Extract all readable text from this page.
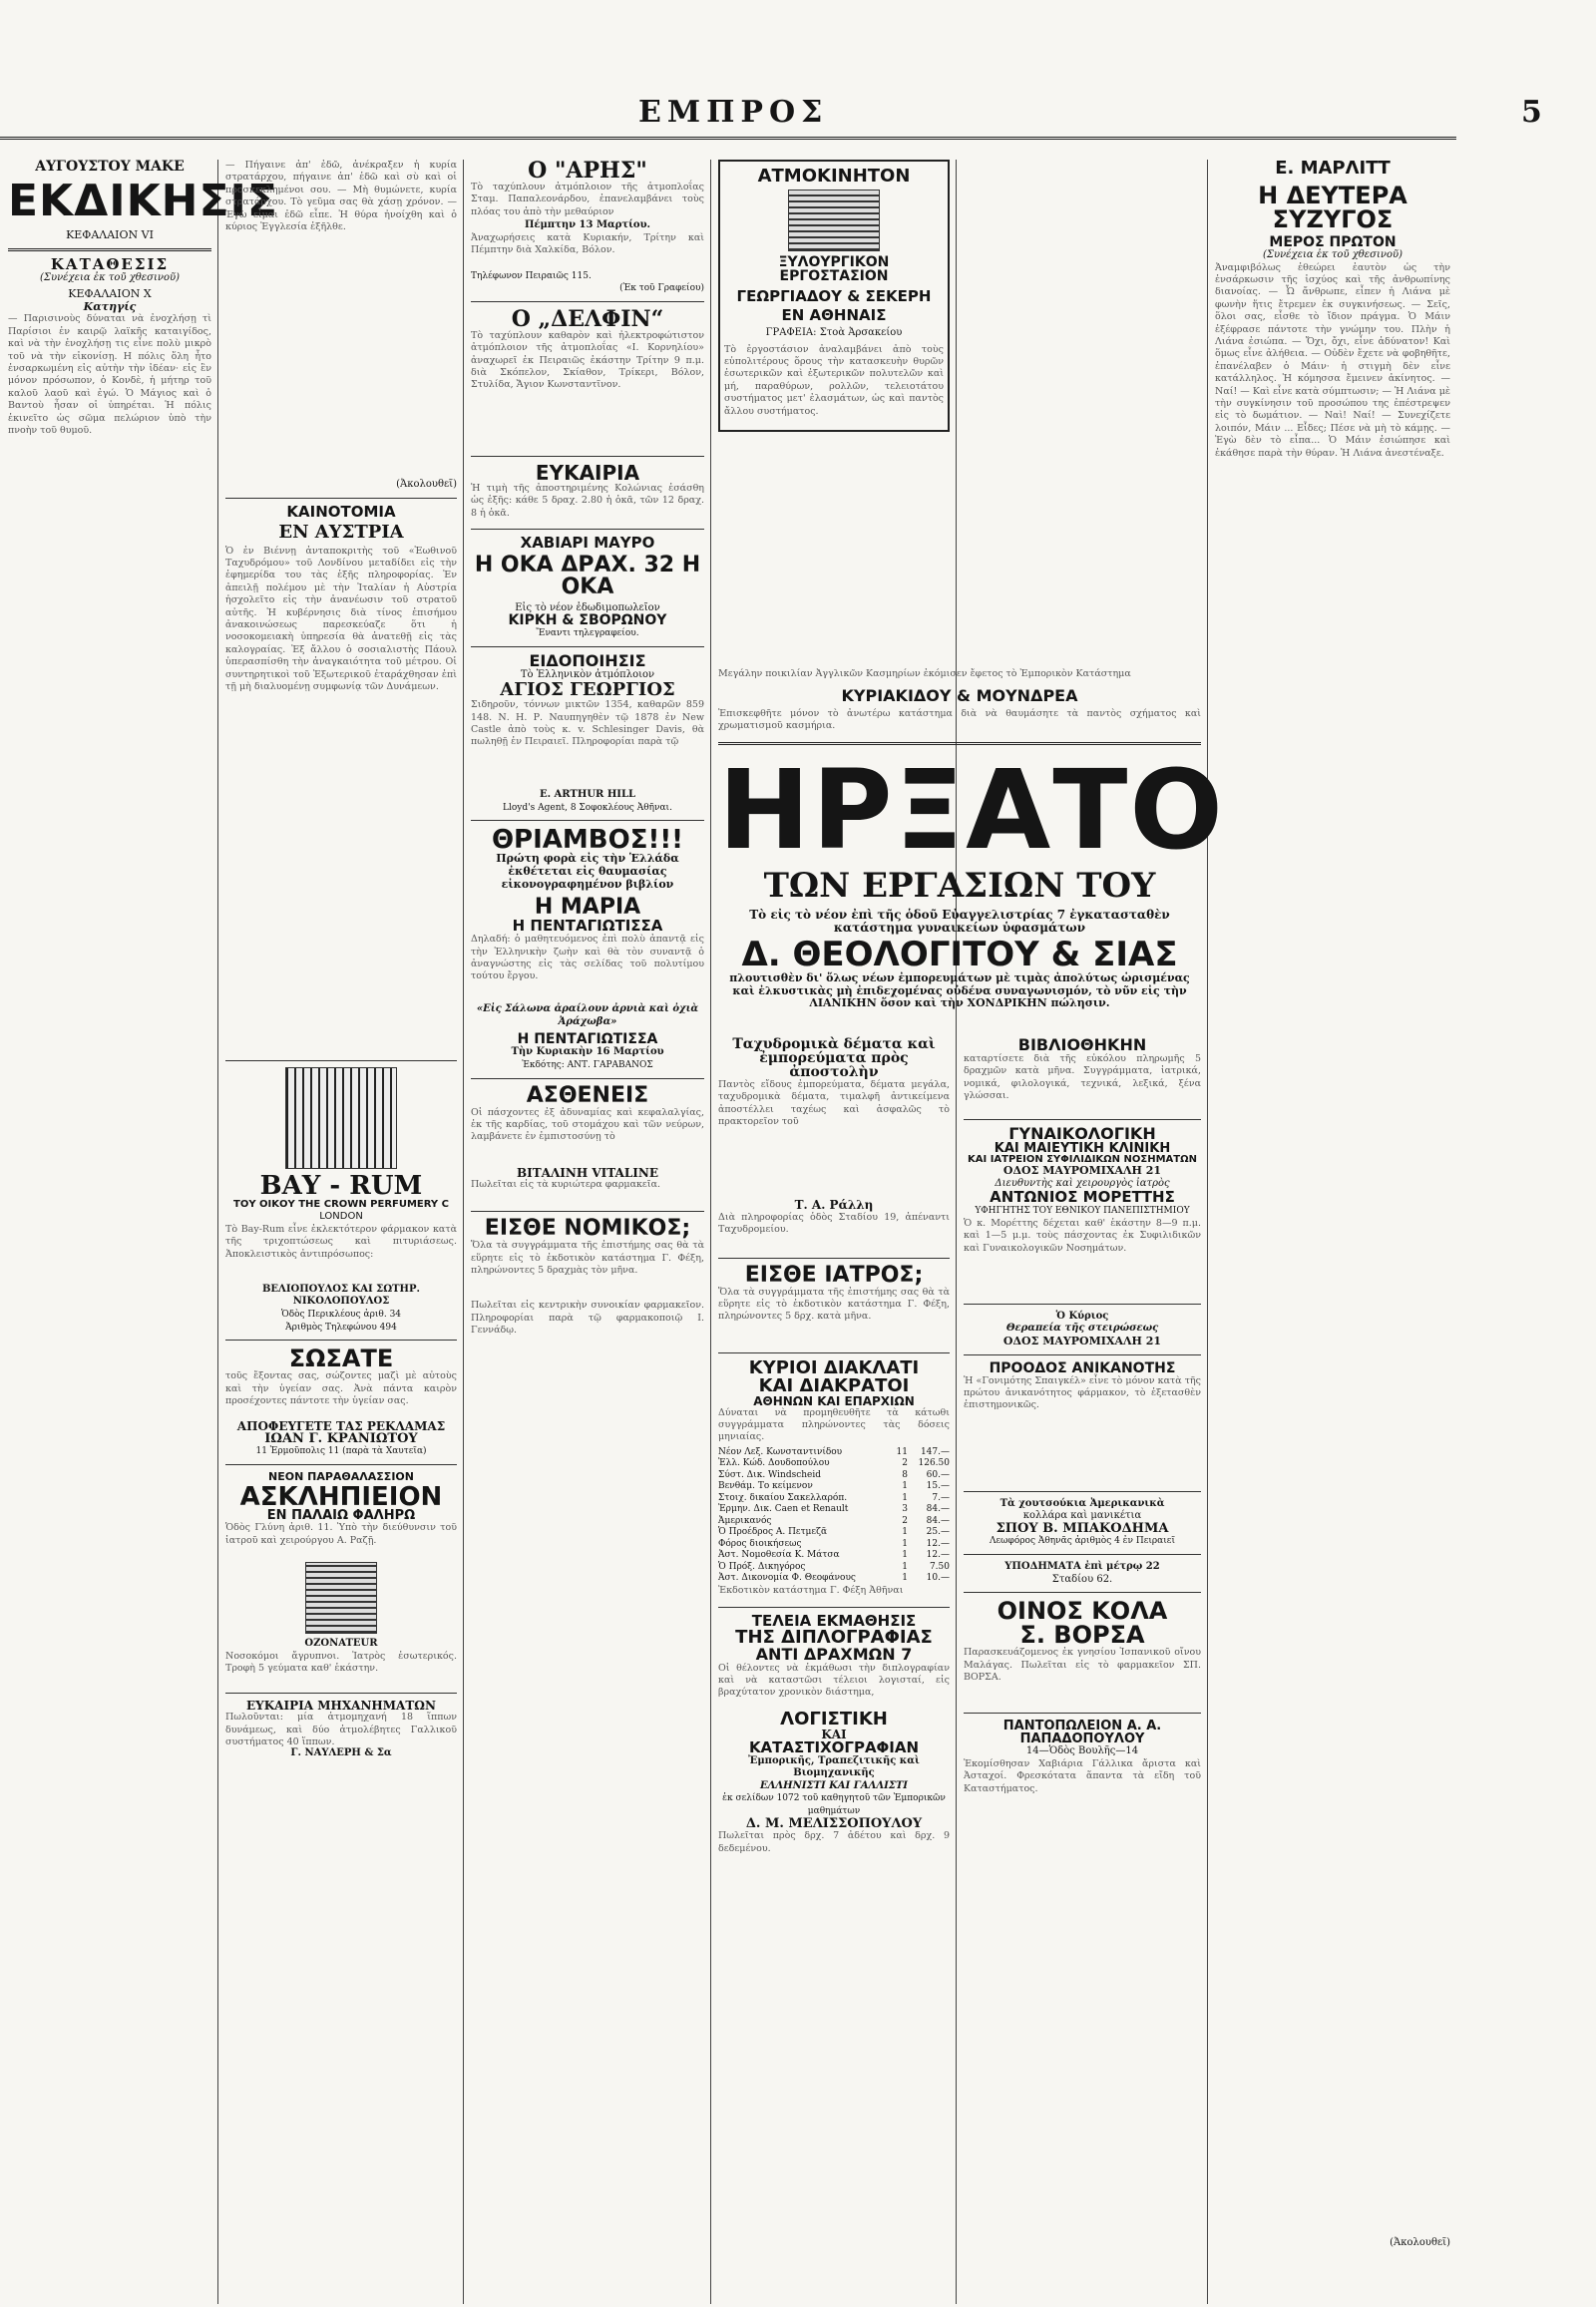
ΕΜΠΡΟΣ	5
ΑΥΓΟΥΣΤΟΥ ΜΑΚΕ
ΕΚΔΙΚΗΣΙΣ
ΚΕΦΑΛΑΙΟΝ VI
ΚΑΤΑΘΕΣΙΣ
(Συνέχεια ἐκ τοῦ χθεσινοῦ)
ΚΕΦΑΛΑΙΟΝ Χ
Κατηγίς
— Παρισινοὺς δύναται νὰ ἐνοχλήσῃ τὶ Παρίσιοι ἐν καιρῷ λαϊκῆς καταιγίδος, καὶ νὰ τὴν ἐνοχλήσῃ τις εἶνε πολὺ μικρὸ τοῦ νὰ τὴν εἰκονίσῃ. Η πόλις ὅλη ἦτο ἐνσαρκωμένη εἰς αὐτὴν τὴν ἰδέαν· εἰς ἓν μόνον πρόσωπον, ὁ Κονδὲ, ἡ μήτηρ τοῦ καλοῦ λαοῦ καὶ ἐγώ. Ὁ Μάγιος καὶ ὁ Βαντοὺ ἦσαν οἱ ὑπηρέται. Ἡ πόλις ἐκινεῖτο ὡς σῶμα πελώριον ὑπὸ τὴν πνοὴν τοῦ θυμοῦ.
— Πήγαινε ἀπ' ἐδῶ, ἀνέκραξεν ἡ κυρία στρατάρχου, πήγαινε ἀπ' ἐδῶ καὶ σὺ καὶ οἱ προσκεκλημένοι σου. — Μὴ θυμώνετε, κυρία στρατάρχου. Τὸ γεῦμα σας θὰ χάσῃ χρόνον. — Ἐγὼ εἶμαι ἐδῶ εἶπε. Ἡ θύρα ἠνοίχθη καὶ ὁ κύριος Ἐγγλεσία ἐξῆλθε.
(Ἀκολουθεῖ)
ΚΑΙΝΟΤΟΜΙΑ
ΕΝ ΑΥΣΤΡΙΑ
Ὁ ἐν Βιέννῃ ἀνταποκριτὴς τοῦ «Ἑωθινοῦ Ταχυδρόμου» τοῦ Λονδίνου μεταδίδει εἰς τὴν ἐφημερίδα του τὰς ἑξῆς πληροφορίας. Ἐν ἀπειλῇ πολέμου μὲ τὴν Ἰταλίαν ἡ Αὐστρία ἠσχολεῖτο εἰς τὴν ἀνανέωσιν τοῦ στρατοῦ αὐτῆς. Ἡ κυβέρνησις διὰ τίνος ἐπισήμου ἀνακοινώσεως παρεσκεύαζε ὅτι ἡ νοσοκομειακὴ ὑπηρεσία θὰ ἀνατεθῇ εἰς τὰς καλογραίας. Ἐξ ἄλλου ὁ σοσιαλιστὴς Πάουλ ὑπερασπίσθη τὴν ἀναγκαιότητα τοῦ μέτρου. Οἱ συντηρητικοὶ τοῦ Ἐξωτερικοῦ ἐταράχθησαν ἐπὶ τῇ μὴ διαλυομένῃ συμφωνίᾳ τῶν Δυνάμεων.
ΒΑΥ - RUM
ΤΟΥ ΟΙΚΟΥ THE CROWN PERFUMERY C
LONDON
Τὸ Bay-Rum εἶνε ἐκλεκτότερον φάρμακον κατὰ τῆς τριχοπτώσεως καὶ πιτυριάσεως. Ἀποκλειστικὸς ἀντιπρόσωπος:
ΒΕΛΙΟΠΟΥΛΟΣ ΚΑΙ ΣΩΤΗΡ. ΝΙΚΟΛΟΠΟΥΛΟΣ
Ὁδὸς Περικλέους ἀριθ. 34
Ἀριθμὸς Τηλεφώνου 494
ΣΩΣΑΤΕ
τοῦς ἔξοντας σας, σώζοντες μαζὶ μὲ αὐτοὺς καὶ τὴν ὑγείαν σας. Ἀνὰ πάντα καιρὸν προσέχοντες πάντοτε τὴν ὑγείαν σας.
ΑΠΟΦΕΥΓΕΤΕ ΤΑΣ ΡΕΚΛΑΜΑΣ
ΙΩΑΝ Γ. ΚΡΑΝΙΩΤΟΥ
11 Ἑρμοῦπολις 11 (παρὰ τὰ Χαυτεῖα)
ΝΕΟΝ ΠΑΡΑΘΑΛΑΣΣΙΟΝ
ΑΣΚΛΗΠΙΕΙΟΝ
ΕΝ ΠΑΛΑΙΩ ΦΑΛΗΡΩ
Ὁδὸς Γλύνη ἀριθ. 11. Ὑπὸ τὴν διεύθυνσιν τοῦ ἰατροῦ καὶ χειρούργου Α. Ραζῇ.
OZONATEUR
Νοσοκόμοι ἄγρυπνοι. Ἰατρὸς ἐσωτερικός. Τροφὴ 5 γεύματα καθ' ἑκάστην.
ΕΥΚΑΙΡΙΑ ΜΗΧΑΝΗΜΑΤΩΝ
Πωλοῦνται: μία ἀτμομηχανή 18 ἵππων δυνάμεως, καὶ δύο ἀτμολέβητες Γαλλικοῦ συστήματος 40 ἵππων.
Γ. ΝΑΥΛΕΡΗ & Σα
Ο "ΑΡΗΣ"
Τὸ ταχύπλουν ἀτμόπλοιον τῆς ἀτμοπλοΐας Σταμ. Παπαλεονάρδου, ἐπανελαμβάνει τοὺς πλόας του ἀπὸ τὴν μεθαύριον
Πέμπτην 13 Μαρτίου.
Ἀναχωρήσεις κατὰ Κυριακήν, Τρίτην καὶ Πέμπτην διὰ Χαλκίδα, Βόλον.
Τηλέφωνον Πειραιῶς 115.
(Ἐκ τοῦ Γραφείου)
Ο „ΔΕΛΦΙΝ“
Τὸ ταχύπλουν καθαρὸν καὶ ἠλεκτροφώτιστον ἀτμόπλοιον τῆς ἀτμοπλοΐας «Ι. Κορνηλίου» ἀναχωρεῖ ἐκ Πειραιῶς ἑκάστην Τρίτην 9 π.μ. διὰ Σκόπελον, Σκίαθον, Τρίκερι, Βόλον, Στυλίδα, Ἄγιον Κωνσταντῖνον.
ΕΥΚΑΙΡΙΑ
Ἡ τιμὴ τῆς ἀποστηριμένης Κολώνιας ἐσάσθη ὡς ἑξῆς: κάθε 5 δραχ. 2.80 ἡ ὀκᾶ, τῶν 12 δραχ. 8 ἡ ὀκᾶ.
ΧΑΒΙΑΡΙ ΜΑΥΡΟ
Η ΟΚΑ ΔΡΑΧ. 32 Η ΟΚΑ
Εἰς τὸ νέον ἐδωδιμοπωλεῖον
ΚΙΡΚΗ & ΣΒΟΡΩΝΟΥ
Ἔναντι τηλεγραφείου.
ΕΙΔΟΠΟΙΗΣΙΣ
Τὸ Ἑλληνικὸν ἀτμόπλοιον
ΑΓΙΟΣ ΓΕΩΡΓΙΟΣ
Σιδηροῦν, τόννων μικτῶν 1354, καθαρῶν 859 148. Ν. Η. Ρ. Ναυπηγηθὲν τῷ 1878 ἐν New Castle ἀπὸ τοὺς κ. v. Schlesinger Davis, θὰ πωληθῇ ἐν Πειραιεῖ. Πληροφορίαι παρὰ τῷ
E. ARTHUR HILL
Lloyd's Agent, 8 Σοφοκλέους Ἀθῆναι.
ΘΡΙΑΜΒΟΣ!!!
Πρώτη φορὰ εἰς τὴν Ἑλλάδα ἐκθέτεται εἰς θαυμασίας εἰκονογραφημένον βιβλίον
Η ΜΑΡΙΑ
Η ΠΕΝΤΑΓΙΩΤΙΣΣΑ
Δηλαδή: ὁ μαθητευόμενος ἐπὶ πολὺ ἀπαντᾷ εἰς τὴν Ἑλληνικὴν ζωὴν καὶ θὰ τὸν συναντᾷ ὁ ἀναγνώστης εἰς τὰς σελίδας τοῦ πολυτίμου τούτου ἔργου.
«Εἰς Σάλωνα ἀραίλουν ἀρνιὰ καὶ ὀχιὰ Ἀράχωβα»
Η ΠΕΝΤΑΓΙΩΤΙΣΣΑ
Τὴν Κυριακὴν 16 Μαρτίου
Ἐκδότης: ΑΝΤ. ΓΑΡΑΒΑΝΟΣ
ΑΣΘΕΝΕΙΣ
Οἱ πάσχοντες ἐξ ἀδυναμίας καὶ κεφαλαλγίας, ἐκ τῆς καρδίας, τοῦ στομάχου καὶ τῶν νεύρων, λαμβάνετε ἐν ἐμπιστοσύνῃ τὸ
ΒΙΤΑΛΙΝΗ VITALINE
Πωλεῖται εἰς τὰ κυριώτερα φαρμακεῖα.
ΕΙΣΘΕ ΝΟΜΙΚΟΣ;
Ὅλα τὰ συγγράμματα τῆς ἐπιστήμης σας θὰ τὰ εὕρητε εἰς τὸ ἐκδοτικὸν κατάστημα Γ. Φέξη, πληρώνοντες 5 δραχμὰς τὸν μῆνα.
Πωλεῖται εἰς κεντρικὴν συνοικίαν φαρμακεῖον. Πληροφορίαι παρὰ τῷ φαρμακοποιῷ Ι. Γεννάδῳ.
ΑΤΜΟΚΙΝΗΤΟΝ
ΞΥΛΟΥΡΓΙΚΟΝ ΕΡΓΟΣΤΑΣΙΟΝ
ΓΕΩΡΓΙΑΔΟΥ & ΣΕΚΕΡΗ
ΕΝ ΑΘΗΝΑΙΣ
ΓΡΑΦΕΙΑ: Στοὰ Ἀρσακείου
Τὸ ἐργοστάσιον ἀναλαμβάνει ἀπὸ τοὺς εὐπολιτέρους ὅρους τὴν κατασκευὴν θυρῶν ἐσωτερικῶν καὶ ἐξωτερικῶν πολυτελῶν καὶ μή, παραθύρων, ρολλῶν, τελειοτάτου συστήματος μετ' ἐλασμάτων, ὡς καὶ παντὸς ἄλλου συστήματος.
Μεγάλην ποικιλίαν Ἀγγλικῶν Κασμηρίων ἐκόμισεν ἔφετος τὸ Ἐμπορικὸν Κατάστημα
ΚΥΡΙΑΚΙΔΟΥ & ΜΟΥΝΔΡΕΑ
Ἐπισκεφθῆτε μόνον τὸ ἀνωτέρω κατάστημα διὰ νὰ θαυμάσητε τὰ παντὸς σχήματος καὶ χρωματισμοῦ κασμήρια.
ΗΡΞΑΤΟ
ΤΩΝ ΕΡΓΑΣΙΩΝ ΤΟΥ
Τὸ εἰς τὸ νέον ἐπὶ τῆς ὁδοῦ Εὐαγγελιστρίας 7 ἐγκατασταθὲν κατάστημα γυναικείων ὑφασμάτων
Δ. ΘΕΟΛΟΓΙΤΟΥ & ΣΙΑΣ
πλουτισθὲν δι' ὅλως νέων ἐμπορευμάτων μὲ τιμὰς ἀπολύτως ὡρισμένας καὶ ἐλκυστικὰς μὴ ἐπιδεχομένας οὐδένα συναγωνισμόν, τὸ νῦν εἰς τὴν ΛΙΑΝΙΚΗΝ ὅσον καὶ τὴν ΧΟΝΔΡΙΚΗΝ πώλησιν.
Ταχυδρομικὰ δέματα καὶ ἐμπορεύματα πρὸς ἀποστολὴν
Παντὸς εἴδους ἐμπορεύματα, δέματα μεγάλα, ταχυδρομικὰ δέματα, τιμαλφῆ ἀντικείμενα ἀποστέλλει ταχέως καὶ ἀσφαλῶς τὸ πρακτορεῖον τοῦ
Τ. Α. Ράλλη
Διὰ πληροφορίας ὁδὸς Σταδίου 19, ἀπέναντι Ταχυδρομείου.
ΕΙΣΘΕ ΙΑΤΡΟΣ;
Ὅλα τὰ συγγράμματα τῆς ἐπιστήμης σας θὰ τὰ εὕρητε εἰς τὸ ἐκδοτικὸν κατάστημα Γ. Φέξη, πληρώνοντες 5 δρχ. κατὰ μῆνα.
ΚΥΡΙΟΙ ΔΙΑΚΛΑΤΙ
ΚΑΙ ΔΙΑΚΡΑΤΟΙ
ΑΘΗΝΩΝ ΚΑΙ ΕΠΑΡΧΙΩΝ
Δύναται νὰ προμηθευθῆτε τὰ κάτωθι συγγράμματα πληρώνοντες τὰς δόσεις μηνιαίας.
Νέον Λεξ. Κωνσταντινίδου	11	147.—
Ἐλλ. Κώδ. Δουδοπούλου	2	126.50
Σύστ. Δικ. Windscheid	8	60.—
Βενθάμ. Το κείμενον	1	15.—
Στοιχ. δικαίου Σακελλαρόπ.	1	7.—
Ἐρμην. Δικ. Caen et Renault	3	84.—
Ἀμερικανός	2	84.—
Ὁ Προέδρος Α. Πετμεζᾶ	1	25.—
Φόρος διοικήσεως	1	12.—
Ἀστ. Νομοθεσία Κ. Μάτσα	1	12.—
Ὁ Πρόξ. Δικηγόρος	1	7.50
Ἀστ. Δικονομία Φ. Θεοφάνους	1	10.—
Ἐκδοτικὸν κατάστημα Γ. Φέξη Ἀθῆναι
ΤΕΛΕΙΑ ΕΚΜΑΘΗΣΙΣ
ΤΗΣ ΔΙΠΛΟΓΡΑΦΙΑΣ
ΑΝΤΙ ΔΡΑΧΜΩΝ 7
Οἱ θέλοντες νὰ ἐκμάθωσι τὴν διπλογραφίαν καὶ νὰ καταστῶσι τέλειοι λογισταί, εἰς βραχύτατον χρονικὸν διάστημα,
ΛΟΓΙΣΤΙΚΗ
ΚΑΙ
ΚΑΤΑΣΤΙΧΟΓΡΑΦΙΑΝ
Ἐμπορικῆς, Τραπεζιτικῆς καὶ Βιομηχανικῆς
ΕΛΛΗΝΙΣΤΙ ΚΑΙ ΓΑΛΛΙΣΤΙ
ἐκ σελίδων 1072 τοῦ καθηγητοῦ τῶν Ἐμπορικῶν μαθημάτων
Δ. Μ. ΜΕΛΙΣΣΟΠΟΥΛΟΥ
Πωλεῖται πρὸς δρχ. 7 ἀδέτου καὶ δρχ. 9 δεδεμένου.
ΒΙΒΛΙΟΘΗΚΗΝ
καταρτίσετε διὰ τῆς εὐκόλου πληρωμῆς 5 δραχμῶν κατὰ μῆνα. Συγγράμματα, ἰατρικά, νομικά, φιλολογικά, τεχνικά, λεξικά, ξένα γλώσσαι.
ΓΥΝΑΙΚΟΛΟΓΙΚΗ
ΚΑΙ ΜΑΙΕΥΤΙΚΗ ΚΛΙΝΙΚΗ
ΚΑΙ ΙΑΤΡΕΙΟΝ ΣΥΦΙΛΙΔΙΚΩΝ ΝΟΣΗΜΑΤΩΝ
ΟΔΟΣ ΜΑΥΡΟΜΙΧΑΛΗ 21
Διευθυντὴς καὶ χειρουργὸς ἰατρὸς
ΑΝΤΩΝΙΟΣ ΜΟΡΕΤΤΗΣ
ΥΦΗΓΗΤΗΣ ΤΟΥ ΕΘΝΙΚΟΥ ΠΑΝΕΠΙΣΤΗΜΙΟΥ
Ὁ κ. Μορέττης δέχεται καθ' ἑκάστην 8—9 π.μ. καὶ 1—5 μ.μ. τοὺς πάσχοντας ἐκ Συφιλιδικῶν καὶ Γυναικολογικῶν Νοσημάτων.
Ὁ Κύριος
Θεραπεία τῆς στειρώσεως
ΟΔΟΣ ΜΑΥΡΟΜΙΧΑΛΗ 21
ΠΡΟΟΔΟΣ ΑΝΙΚΑΝΟΤΗΣ
Ἡ «Γονιμότης Σπαιγκέλ» εἶνε τὸ μόνον κατὰ τῆς πρώτου ἀνικανότητος φάρμακον, τὸ ἐξετασθὲν ἐπιστημονικῶς.
Τὰ χουτσούκια Ἀμερικανικὰ
κολλάρα καὶ μανικέτια
ΣΠΟΥ Β. ΜΠΑΚΟΔΗΜΑ
Λεωφόρος Ἀθηνᾶς ἀριθμὸς 4 ἐν Πειραιεῖ
ΥΠΟΔΗΜΑΤΑ ἐπὶ μέτρῳ 22
Σταδίου 62.
ΟΙΝΟΣ ΚΟΛΑ
Σ. ΒΟΡΣΑ
Παρασκευάζομενος ἐκ γνησίου Ἱσπανικοῦ οἴνου Μαλάγας. Πωλεῖται εἰς τὸ φαρμακεῖον ΣΠ. ΒΟΡΣΑ.
ΠΑΝΤΟΠΩΛΕΙΟΝ Α. Α. ΠΑΠΑΔΟΠΟΥΛΟΥ
14—Ὁδὸς Βουλῆς—14
Ἐκομίσθησαν Χαβιάρια Γάλλικα ἄριστα καὶ Ἀσταχοί. Φρεσκότατα ἅπαντα τὰ εἴδη τοῦ Καταστήματος.
Ε. ΜΑΡΛΙΤΤ
Η ΔΕΥΤΕΡΑ ΣΥΖΥΓΟΣ
ΜΕΡΟΣ ΠΡΩΤΟΝ
(Συνέχεια ἐκ τοῦ χθεσινοῦ)
Ἀναμφιβόλως ἐθεώρει ἑαυτὸν ὡς τὴν ἐνσάρκωσιν τῆς ἰσχύος καὶ τῆς ἀνθρωπίνης διανοίας. — Ὦ ἄνθρωπε, εἶπεν ἡ Λιάνα μὲ φωνὴν ἥτις ἔτρεμεν ἐκ συγκινήσεως. — Σεῖς, ὅλοι σας, εἶσθε τὸ ἴδιον πράγμα. Ὁ Μάιν ἐξέφρασε πάντοτε τὴν γνώμην του. Πλὴν ἡ Λιάνα ἐσιώπα. — Ὄχι, ὄχι, εἶνε ἀδύνατον! Καὶ ὅμως εἶνε ἀλήθεια. — Οὐδὲν ἔχετε νὰ φοβηθῆτε, ἐπανέλαβεν ὁ Μάιν· ἡ στιγμὴ δὲν εἶνε κατάλληλος. Ἡ κόμησσα ἔμεινεν ἀκίνητος. — Ναί! — Καὶ εἶνε κατὰ σύμπτωσιν; — Ἡ Λιάνα μὲ τὴν συγκίνησιν τοῦ προσώπου της ἐπέστρεψεν εἰς τὸ δωμάτιον. — Ναὶ! Ναί! — Συνεχίζετε λοιπόν, Μάιν ... Εἶδες; Πέσε νὰ μὴ τὸ κάμῃς. — Ἐγὼ δὲν τὸ εἶπα... Ὁ Μάιν ἐσιώπησε καὶ ἐκάθησε παρὰ τὴν θύραν. Ἡ Λιάνα ἀνεστέναξε.
(Ἀκολουθεῖ)
